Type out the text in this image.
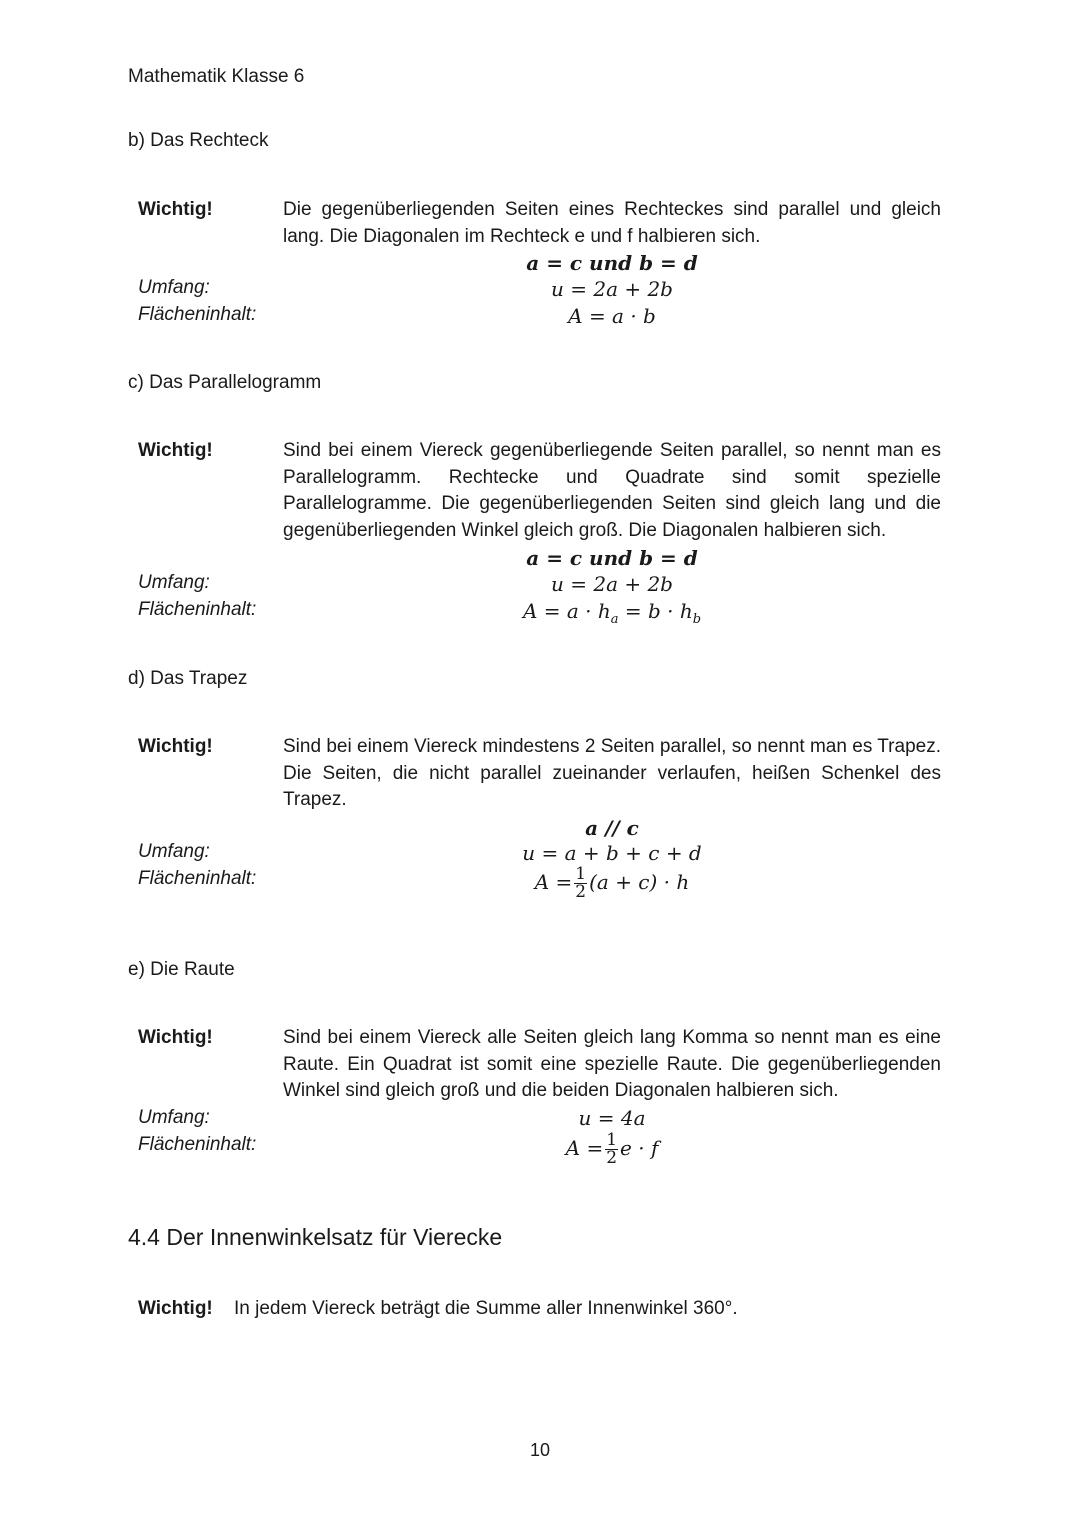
Mathematik Klasse 6
b) Das Rechteck
Wichtig!	Die gegenüberliegenden Seiten eines Rechteckes sind parallel und gleich lang. Die Diagonalen im Rechteck e und f halbieren sich.
a = c und b = d
Umfang:	u = 2a + 2b
Flächeninhalt:	A = a · b
c) Das Parallelogramm
Wichtig!	Sind bei einem Viereck gegenüberliegende Seiten parallel, so nennt man es Parallelogramm. Rechtecke und Quadrate sind somit spezielle Parallelogramme. Die gegenüberliegenden Seiten sind gleich lang und die gegenüberliegenden Winkel gleich groß. Die Diagonalen halbieren sich.
a = c und b = d
Umfang:	u = 2a + 2b
Flächeninhalt:	$A = a \cdot h_a = b \cdot h_b$
d) Das Trapez
Wichtig!	Sind bei einem Viereck mindestens 2 Seiten parallel, so nennt man es Trapez. Die Seiten, die nicht parallel zueinander verlaufen, heißen Schenkel des Trapez.
a // c
Umfang:	u = a + b + c + d
Flächeninhalt:	$A = \frac{1}{2} (a + c) \cdot h$
e) Die Raute
Wichtig!	Sind bei einem Viereck alle Seiten gleich lang Komma so nennt man es eine Raute. Ein Quadrat ist somit eine spezielle Raute. Die gegenüberliegenden Winkel sind gleich groß und die beiden Diagonalen halbieren sich.
Umfang:	u = 4a
Flächeninhalt:	$A = \frac{1}{2}$ e · f
4.4 Der Innenwinkelsatz für Vierecke
Wichtig! In jedem Viereck beträgt die Summe aller Innenwinkel 360°.
10
